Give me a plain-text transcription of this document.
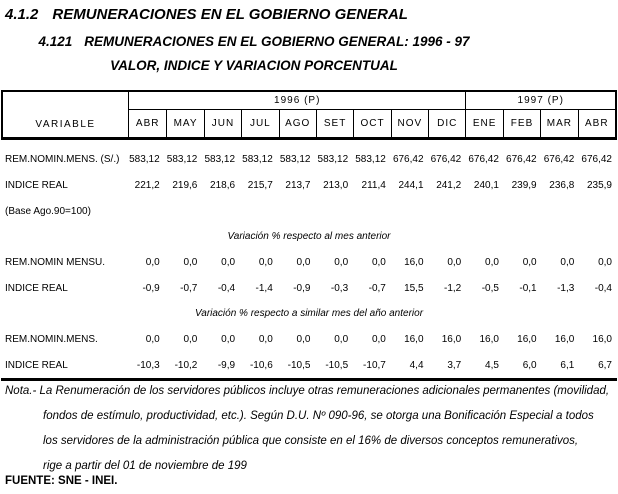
4.1.2 REMUNERACIONES EN EL GOBIERNO GENERAL
4.121 REMUNERACIONES EN EL GOBIERNO GENERAL: 1996 - 97
VALOR, INDICE Y VARIACION PORCENTUAL
VARIABLE
1996 (P)	1997 (P)
ABR	MAY	JUN	JUL	AGO	SET	OCT	NOV	DIC	ENE	FEB	MAR	ABR
REM.NOMIN.MENS. (S/.) 583,12 583,12 583,12 583,12 583,12 583,12 583,12 676,42 676,42 676,42 676,42 676,42 676,42
INDICE REAL	221,2	219,6	218,6	215,7	213,7	213,0	211,4	244,1	241,2	240,1	239,9	236,8	235,9
(Base Ago.90=100)
Variación % respecto al mes anterior
REM.NOMIN MENSU.	0,0	0,0	0,0	0,0	0,0	0,0	0,0	16,0	0,0	0,0	0,0	0,0	0,0
INDICE REAL	-0,9	-0,7	-0,4	-1,4	-0,9	-0,3	-0,7	15,5	-1,2	-0,5	-0,1	-1,3	-0,4
Variación % respecto a similar mes del año anterior
REM.NOMIN.MENS.	0,0	0,0	0,0	0,0	0,0	0,0	0,0	16,0	16,0	16,0	16,0	16,0	16,0
INDICE REAL	-10,3	-10,2	-9,9	-10,6	-10,5	-10,5	-10,7	4,4	3,7	4,5	6,0	6,1	6,7
Nota.- La Renumeración de los servidores públicos incluye otras remuneraciones adicionales permanentes (movilidad,
fondos de estímulo, productividad, etc.). Según D.U. Nº 090-96, se otorga una Bonificación Especial a todos
los servidores de la administración pública que consiste en el 16% de diversos conceptos remunerativos,
rige a partir del 01 de noviembre de 199
FUENTE: SNE - INEI.
